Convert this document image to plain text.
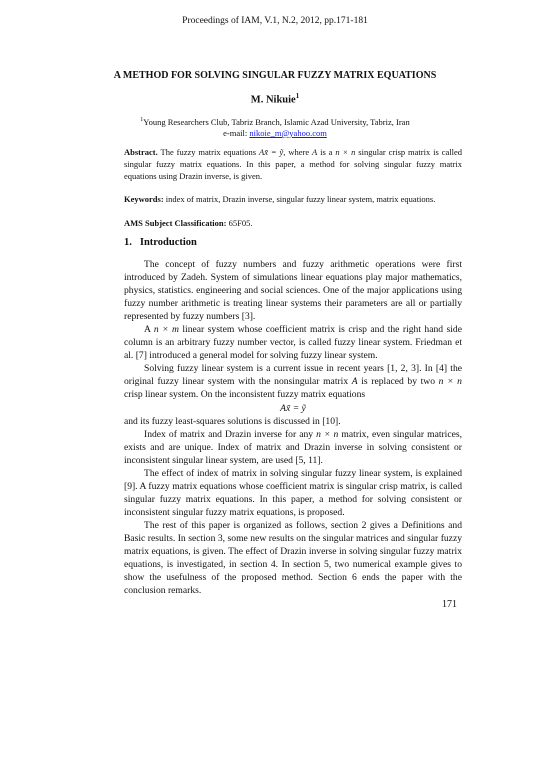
Proceedings of IAM, V.1, N.2, 2012, pp.171-181
A METHOD FOR SOLVING SINGULAR FUZZY MATRIX EQUATIONS
M. Nikuie$^1$
$^1$Young Researchers Club, Tabriz Branch, Islamic Azad University, Tabriz, Iran
e-mail: nikoie_m@yahoo.com
Abstract. The fuzzy matrix equations Ax̃ = ỹ, where A is a n × n singular crisp matrix is called singular fuzzy matrix equations. In this paper, a method for solving singular fuzzy matrix equations using Drazin inverse, is given.
Keywords: index of matrix, Drazin inverse, singular fuzzy linear system, matrix equations.
AMS Subject Classification: 65F05.
1. Introduction

The concept of fuzzy numbers and fuzzy arithmetic operations were first introduced by Zadeh. System of simulations linear equations play major mathematics, physics, statistics. engineering and social sciences. One of the major applications using fuzzy number arithmetic is treating linear systems their parameters are all or partially represented by fuzzy numbers [3].

A n × m linear system whose coefficient matrix is crisp and the right hand side column is an arbitrary fuzzy number vector, is called fuzzy linear system. Friedman et al. [7] introduced a general model for solving fuzzy linear system.

Solving fuzzy linear system is a current issue in recent years [1, 2, 3]. In [4] the original fuzzy linear system with the nonsingular matrix A is replaced by two n × n crisp linear system. On the inconsistent fuzzy matrix equations

Ax̃ = ỹ

and its fuzzy least-squares solutions is discussed in [10].

Index of matrix and Drazin inverse for any n × n matrix, even singular matrices, exists and are unique. Index of matrix and Drazin inverse in solving consistent or inconsistent singular linear system, are used [5, 11].

The effect of index of matrix in solving singular fuzzy linear system, is explained [9]. A fuzzy matrix equations whose coefficient matrix is singular crisp matrix, is called singular fuzzy matrix equations. In this paper, a method for solving consistent or inconsistent singular fuzzy matrix equations, is proposed.

The rest of this paper is organized as follows, section 2 gives a Definitions and Basic results. In section 3, some new results on the singular matrices and singular fuzzy matrix equations, is given. The effect of Drazin inverse in solving singular fuzzy matrix equations, is investigated, in section 4. In section 5, two numerical example gives to show the usefulness of the proposed method. Section 6 ends the paper with the conclusion remarks.

171
